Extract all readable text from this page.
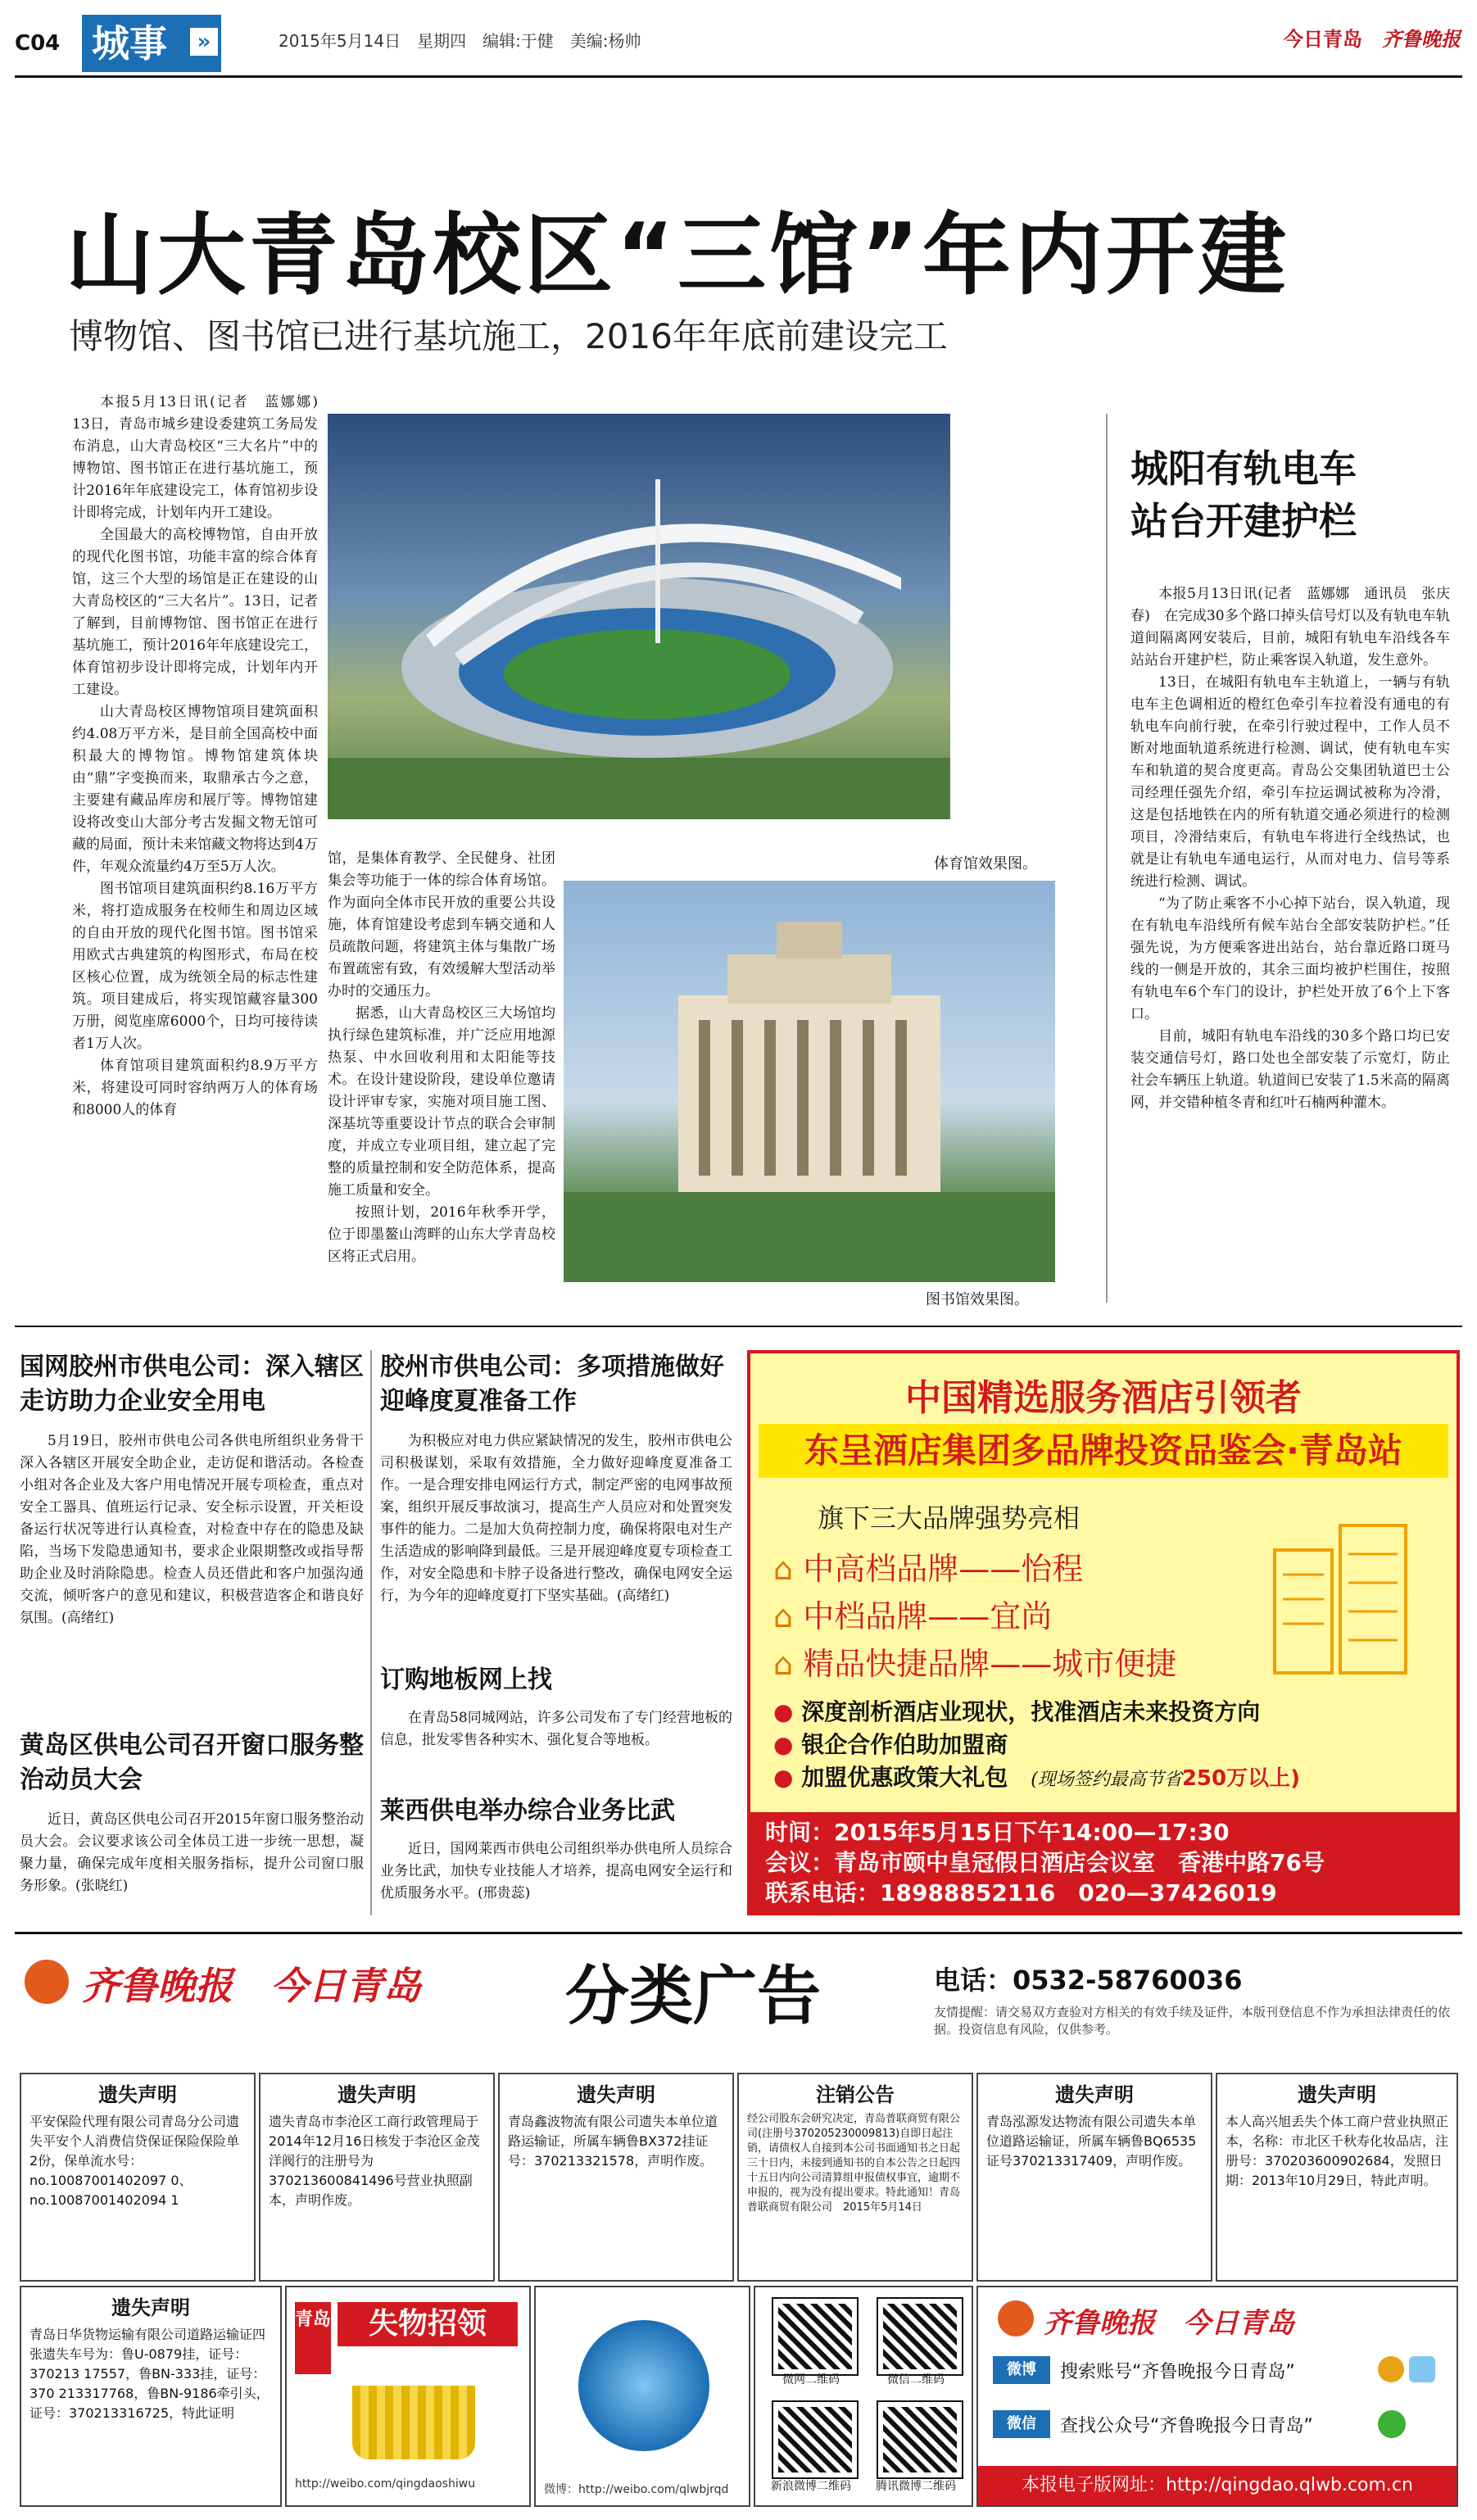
C04 城事	»	2015年5月14日　星期四　编辑:于健　美编:杨帅	今日青岛　 齐鲁晚报
山大青岛校区“三馆”年内开建
博物馆、图书馆已进行基坑施工，2016年年底前建设完工

本报5月13日讯(记者　蓝娜娜)　13日，青岛市城乡建设委建筑工务局发布消息，山大青岛校区“三大名片”中的博物馆、图书馆正在进行基坑施工，预计2016年年底建设完工，体育馆初步设计即将完成，计划年内开工建设。

全国最大的高校博物馆，自由开放的现代化图书馆，功能丰富的综合体育馆，这三个大型的场馆是正在建设的山大青岛校区的“三大名片”。13日，记者了解到，目前博物馆、图书馆正在进行基坑施工，预计2016年年底建设完工，体育馆初步设计即将完成，计划年内开工建设。

山大青岛校区博物馆项目建筑面积约4.08万平方米，是目前全国高校中面积最大的博物馆。博物馆建筑体块由“鼎”字变换而来，取鼎承古今之意，主要建有藏品库房和展厅等。博物馆建设将改变山大部分考古发掘文物无馆可藏的局面，预计未来馆藏文物将达到4万件，年观众流量约4万至5万人次。

图书馆项目建筑面积约8.16万平方米，将打造成服务在校师生和周边区域的自由开放的现代化图书馆。图书馆采用欧式古典建筑的构图形式，布局在校区核心位置，成为统领全局的标志性建筑。项目建成后，将实现馆藏容量300万册，阅览座席6000个，日均可接待读者1万人次。

体育馆项目建筑面积约8.9万平方米，将建设可同时容纳两万人的体育场和8000人的体育

体育馆效果图。

馆，是集体育教学、全民健身、社团集会等功能于一体的综合体育场馆。作为面向全体市民开放的重要公共设施，体育馆建设考虑到车辆交通和人员疏散问题，将建筑主体与集散广场布置疏密有致，有效缓解大型活动举办时的交通压力。

据悉，山大青岛校区三大场馆均执行绿色建筑标准，并广泛应用地源热泵、中水回收利用和太阳能等技术。在设计建设阶段，建设单位邀请设计评审专家，实施对项目施工图、深基坑等重要设计节点的联合会审制度，并成立专业项目组，建立起了完整的质量控制和安全防范体系，提高施工质量和安全。

按照计划，2016年秋季开学，位于即墨鳌山湾畔的山东大学青岛校区将正式启用。

图书馆效果图。
城阳有轨电车
站台开建护栏

本报5月13日讯(记者　蓝娜娜　通讯员　张庆春)　在完成30多个路口掉头信号灯以及有轨电车轨道间隔离网安装后，目前，城阳有轨电车沿线各车站站台开建护栏，防止乘客误入轨道，发生意外。

13日，在城阳有轨电车主轨道上，一辆与有轨电车主色调相近的橙红色牵引车拉着没有通电的有轨电车向前行驶，在牵引行驶过程中，工作人员不断对地面轨道系统进行检测、调试，使有轨电车实车和轨道的契合度更高。青岛公交集团轨道巴士公司经理任强先介绍，牵引车拉运调试被称为冷滑，这是包括地铁在内的所有轨道交通必须进行的检测项目，冷滑结束后，有轨电车将进行全线热试，也就是让有轨电车通电运行，从而对电力、信号等系统进行检测、调试。

“为了防止乘客不小心掉下站台，误入轨道，现在有轨电车沿线所有候车站台全部安装防护栏。”任强先说，为方便乘客进出站台，站台靠近路口斑马线的一侧是开放的，其余三面均被护栏围住，按照有轨电车6个车门的设计，护栏处开放了6个上下客口。

目前，城阳有轨电车沿线的30多个路口均已安装交通信号灯，路口处也全部安装了示宽灯，防止社会车辆压上轨道。轨道间已安装了1.5米高的隔离网，并交错种植冬青和红叶石楠两种灌木。

国网胶州市供电公司：深入辖区走访助力企业安全用电

5月19日，胶州市供电公司各供电所组织业务骨干深入各辖区开展安全助企业，走访促和谐活动。各检查小组对各企业及大客户用电情况开展专项检查，重点对安全工器具、值班运行记录、安全标示设置，开关柜设备运行状况等进行认真检查，对检查中存在的隐患及缺陷，当场下发隐患通知书，要求企业限期整改或指导帮助企业及时消除隐患。检查人员还借此和客户加强沟通交流，倾听客户的意见和建议，积极营造客企和谐良好氛围。(高绪红)

黄岛区供电公司召开窗口服务整治动员大会

近日，黄岛区供电公司召开2015年窗口服务整治动员大会。会议要求该公司全体员工进一步统一思想，凝聚力量，确保完成年度相关服务指标，提升公司窗口服务形象。(张晓红)

胶州市供电公司：多项措施做好迎峰度夏准备工作

为积极应对电力供应紧缺情况的发生，胶州市供电公司积极谋划，采取有效措施，全力做好迎峰度夏准备工作。一是合理安排电网运行方式，制定严密的电网事故预案，组织开展反事故演习，提高生产人员应对和处置突发事件的能力。二是加大负荷控制力度，确保将限电对生产生活造成的影响降到最低。三是开展迎峰度夏专项检查工作，对安全隐患和卡脖子设备进行整改，确保电网安全运行，为今年的迎峰度夏打下坚实基础。(高绪红)

订购地板网上找

在青岛58同城网站，许多公司发布了专门经营地板的信息，批发零售各种实木、强化复合等地板。

莱西供电举办综合业务比武

近日，国网莱西市供电公司组织举办供电所人员综合业务比武，加快专业技能人才培养，提高电网安全运行和优质服务水平。(邢贵蕊)

中国精选服务酒店引领者
东呈酒店集团多品牌投资品鉴会·青岛站
旗下三大品牌强势亮相
⌂ 中高档品牌——怡程
⌂ 中档品牌——宜尚
⌂ 精品快捷品牌——城市便捷
● 深度剖析酒店业现状，找准酒店未来投资方向
● 银企合作伯助加盟商
● 加盟优惠政策大礼包　 (现场签约最高节省250万以上)
时间：2015年5月15日下午14:00—17:30
会议：青岛市颐中皇冠假日酒店会议室　香港中路76号
联系电话：18988852116　020—37426019
齐鲁晚报　今日青岛 分类广告	电话：0532-58760036
友情提醒：请交易双方查验对方相关的有效手续及证件，本版刊登信息不作为承担法律责任的依据。投资信息有风险，仅供参考。
遗失声明
平安保险代理有限公司青岛分公司遗失平安个人消费信贷保证保险保险单2份，保单流水号：no.10087001402097 0、no.10087001402094 1
遗失声明
遗失青岛市李沧区工商行政管理局于2014年12月16日核发于李沧区金茂洋阀行的注册号为370213600841496号营业执照副本，声明作废。
遗失声明
青岛鑫波物流有限公司遗失本单位道路运输证，所属车辆鲁BX372挂证号：370213321578，声明作废。
注销公告
经公司股东会研究决定，青岛普联商贸有限公司(注册号370205230009813)自即日起注销，请债权人自接到本公司书面通知书之日起三十日内，未接到通知书的自本公告之日起四十五日内向公司清算组申报债权事宜，逾期不申报的，视为没有提出要求。特此通知！青岛普联商贸有限公司　2015年5月14日
遗失声明
青岛泓源发达物流有限公司遗失本单位道路运输证，所属车辆鲁BQ6535证号370213317409，声明作废。
遗失声明
本人高兴旭丢失个体工商户营业执照正本，名称：市北区千秋寿化妆品店，注册号：370203600902684，发照日期：2013年10月29日，特此声明。
遗失声明
青岛日华货物运输有限公司道路运输证四张遗失车号为：鲁U-0879挂，证号：370213 17557，鲁BN-333挂，证号：370 213317768，鲁BN-9186牵引头，证号：370213316725，特此证明
青岛	失物招领
http://weibo.com/qingdaoshiwu	微博：http://weibo.com/qlwbjrqd
微网二维码	微信二维码
新浪微博二维码	腾讯微博二维码
齐鲁晚报　今日青岛
微博	搜索账号“齐鲁晚报今日青岛”
微信	查找公众号“齐鲁晚报今日青岛”
本报电子版网址：http://qingdao.qlwb.com.cn
